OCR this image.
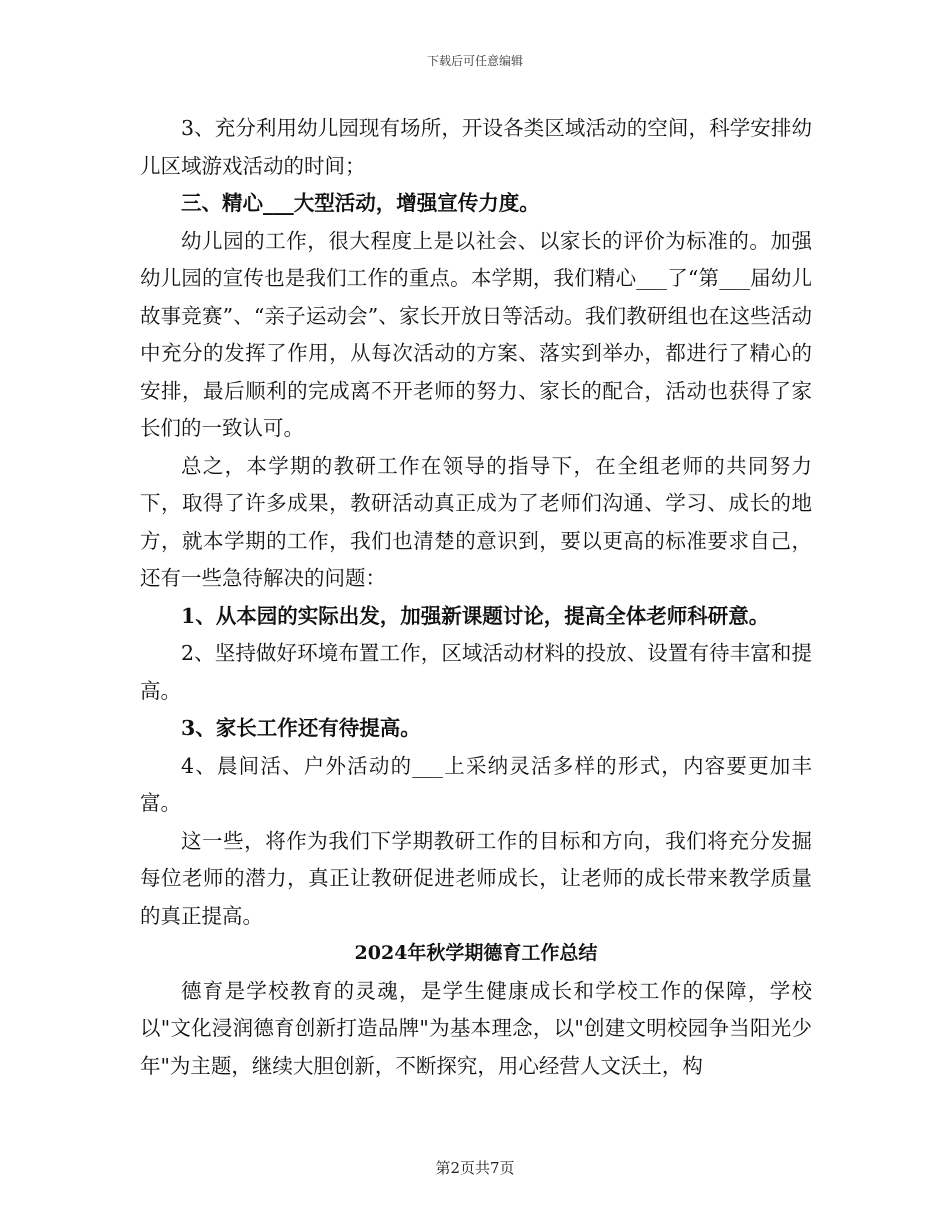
下载后可任意编辑

3、充分利用幼儿园现有场所，开设各类区域活动的空间，科学安排幼儿区域游戏活动的时间；

三、精心___大型活动，增强宣传力度。

幼儿园的工作，很大程度上是以社会、以家长的评价为标准的。加强幼儿园的宣传也是我们工作的重点。本学期，我们精心___了“第___届幼儿故事竞赛”、“亲子运动会”、家长开放日等活动。我们教研组也在这些活动中充分的发挥了作用，从每次活动的方案、落实到举办，都进行了精心的安排，最后顺利的完成离不开老师的努力、家长的配合，活动也获得了家长们的一致认可。

总之，本学期的教研工作在领导的指导下，在全组老师的共同努力下，取得了许多成果，教研活动真正成为了老师们沟通、学习、成长的地方，就本学期的工作，我们也清楚的意识到，要以更高的标准要求自己，还有一些急待解决的问题：

1、从本园的实际出发，加强新课题讨论，提高全体老师科研意。

2、坚持做好环境布置工作，区域活动材料的投放、设置有待丰富和提高。

3、家长工作还有待提高。

4、晨间活、户外活动的___上采纳灵活多样的形式，内容要更加丰富。

这一些，将作为我们下学期教研工作的目标和方向，我们将充分发掘每位老师的潜力，真正让教研促进老师成长，让老师的成长带来教学质量的真正提高。

2024年秋学期德育工作总结

德育是学校教育的灵魂，是学生健康成长和学校工作的保障，学校以"文化浸润德育创新打造品牌"为基本理念，以"创建文明校园争当阳光少年"为主题，继续大胆创新，不断探究，用心经营人文沃土，构

第2页共7页
